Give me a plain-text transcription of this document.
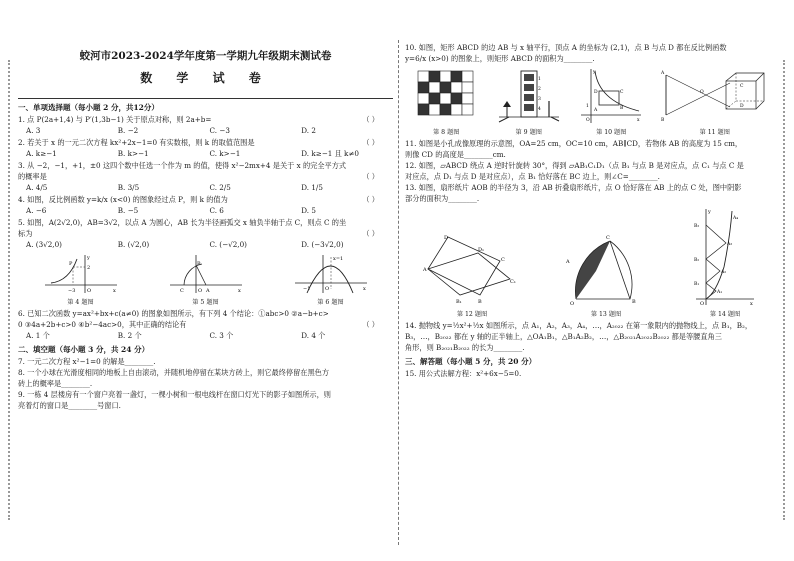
蛟河市2023-2024学年度第一学期九年级期末测试卷
数 学 试 卷
一、单项选择题（每小题 2 分，共12分）
（ ）
1. 点 P(2a+1,4) 与 P′(1,3b−1) 关于原点对称，则 2a+b=
A. 3	B. −2	C. −3	D. 2
（ ）
2. 若关于 x 的一元二次方程 kx²+2x−1=0 有实数根，则 k 的取值范围是
A. k≥−1	B. k>−1	C. k>−1	D. k≥−1 且 k≠0
3. 从 −2，−1，+1，±0 这四个数中任选一个作为 m 的值，使得 x²−2mx+4 是关于 x 的完全平方式
（ ）
的概率是
A. 4/5	B. 3/5	C. 2/5	D. 1/5
（ ）
4. 如图，反比例函数 y=k/x (x<0) 的图象经过点 P，则 k 的值为
A. −6	B. −5	C. 6	D. 5
5. 如图，A(2√2,0)，AB=3√2，以点 A 为圆心，AB 长为半径画弧交 x 轴负半轴于点 C，则点 C 的坐
（ ）
标为
A. (3√2,0)	B. (√2,0)	C. (−√2,0)	D. (−3√2,0)
P
−3
2
O	x
y
第 4 题图
B
C	A
O	x
第 5 题图
x=1
−1	O	x
第 6 题图
6. 已知二次函数 y=ax²+bx+c(a≠0) 的图象如图所示，有下列 4 个结论：①abc>0 ②a−b+c>
（ ）
0 ③4a+2b+c>0 ④b²−4ac>0，其中正确的结论有
A. 1 个	B. 2 个	C. 3 个	D. 4 个
二、填空题（每小题 3 分，共 24 分）
7. 一元二次方程 x²−1=0 的解是________.
8. 一个小球在光滑度相同的地板上自由滚动，并随机地停留在某块方砖上，则它最终停留在黑色方
砖上的概率是________.
9. 一栋 4 层楼房有一个窗户亮着一盏灯，一棵小树和一根电线杆在窗口灯光下的影子如图所示，则
亮着灯的窗口是________号窗口.
10. 如图，矩形 ABCD 的边 AB 与 x 轴平行，顶点 A 的坐标为 (2,1)，点 B 与点 D 都在反比例函数
y=6/x (x>0) 的图象上，则矩形 ABCD 的面积为________.
第 8 题图
1
2
3
4
第 9 题图
A	B
C
D
O	x
y
1
第 10 题图
A
B
O
C
D
第 11 题图
11. 如图是小孔成像原理的示意图，OA=25 cm，OC=10 cm，AB∥CD，若物体 AB 的高度为 15 cm，
则像 CD 的高度是________cm.
12. 如图，▱ABCD 绕点 A 逆时针旋转 30°，得到 ▱AB₁C₁D₁（点 B₁ 与点 B 是对应点，点 C₁ 与点 C 是
对应点，点 D₁ 与点 D 是对应点），点 B₁ 恰好落在 BC 边上，则∠C=________.
13. 如图，扇形纸片 AOB 的半径为 3，沿 AB 折叠扇形纸片，点 O 恰好落在 AB 上的点 C 处，图中阴影
部分的面积为________.
A
D
C
B
B₁
C₁
D₁
第 12 题图
O
C
B
A
第 13 题图
O	x
y
A₁
A₂
A₃
A₄
B₁
B₂
B₃
第 14 题图
14. 抛物线 y=½x²+½x 如图所示，点 A₁，A₂，A₃，A₄，…，A₂₀₂₂ 在第一象限内的抛物线上，点 B₁，B₂，
B₃，…，B₂₀₂₂ 都在 y 轴的正半轴上，△OA₁B₁，△B₁A₂B₂，…，△B₂₀₂₁A₂₀₂₂B₂₀₂₂ 都是等腰直角三
角形，则 B₂₀₂₁B₂₀₂₂ 的长为________.
三、解答题（每小题 5 分，共 20 分）
15. 用公式法解方程：x²+6x−5=0.
